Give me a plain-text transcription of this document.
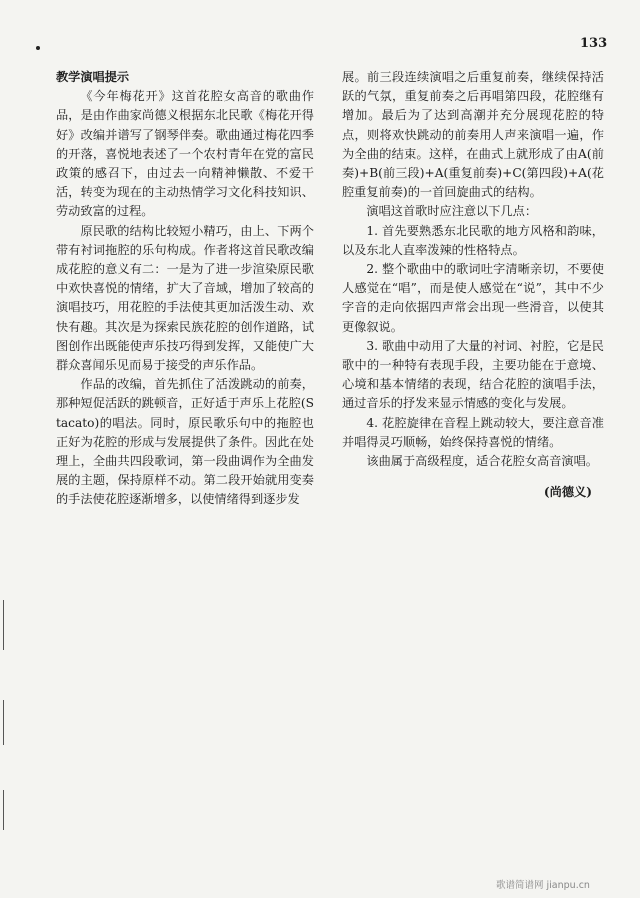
133

教学演唱提示

《今年梅花开》这首花腔女高音的歌曲作品，是由作曲家尚德义根据东北民歌《梅花开得好》改编并谱写了钢琴伴奏。歌曲通过梅花四季的开落，喜悦地表述了一个农村青年在党的富民政策的感召下，由过去一向精神懒散、不爱干活，转变为现在的主动热情学习文化科技知识、劳动致富的过程。

原民歌的结构比较短小精巧，由上、下两个带有衬词拖腔的乐句构成。作者将这首民歌改编成花腔的意义有二：一是为了进一步渲染原民歌中欢快喜悦的情绪，扩大了音域，增加了较高的演唱技巧，用花腔的手法使其更加活泼生动、欢快有趣。其次是为探索民族花腔的创作道路，试图创作出既能使声乐技巧得到发挥，又能使广大群众喜闻乐见而易于接受的声乐作品。

作品的改编，首先抓住了活泼跳动的前奏，那种短促活跃的跳顿音，正好适于声乐上花腔(Stacato)的唱法。同时，原民歌乐句中的拖腔也正好为花腔的形成与发展提供了条件。因此在处理上，全曲共四段歌词，第一段曲调作为全曲发展的主题，保持原样不动。第二段开始就用变奏的手法使花腔逐渐增多，以使情绪得到逐步发

展。前三段连续演唱之后重复前奏，继续保持活跃的气氛，重复前奏之后再唱第四段，花腔继有增加。最后为了达到高潮并充分展现花腔的特点，则将欢快跳动的前奏用人声来演唱一遍，作为全曲的结束。这样，在曲式上就形成了由A(前奏)+B(前三段)+A(重复前奏)+C(第四段)+A(花腔重复前奏)的一首回旋曲式的结构。

演唱这首歌时应注意以下几点：

1. 首先要熟悉东北民歌的地方风格和韵味，以及东北人直率泼辣的性格特点。

2. 整个歌曲中的歌词吐字清晰亲切，不要使人感觉在“唱”，而是使人感觉在“说”，其中不少字音的走向依据四声常会出现一些滑音，以使其更像叙说。

3. 歌曲中动用了大量的衬词、衬腔，它是民歌中的一种特有表现手段，主要功能在于意境、心境和基本情绪的表现，结合花腔的演唱手法，通过音乐的抒发来显示情感的变化与发展。

4. 花腔旋律在音程上跳动较大，要注意音准并唱得灵巧顺畅，始终保持喜悦的情绪。

该曲属于高级程度，适合花腔女高音演唱。

(尚德义)

歌谱简谱网 jianpu.cn
